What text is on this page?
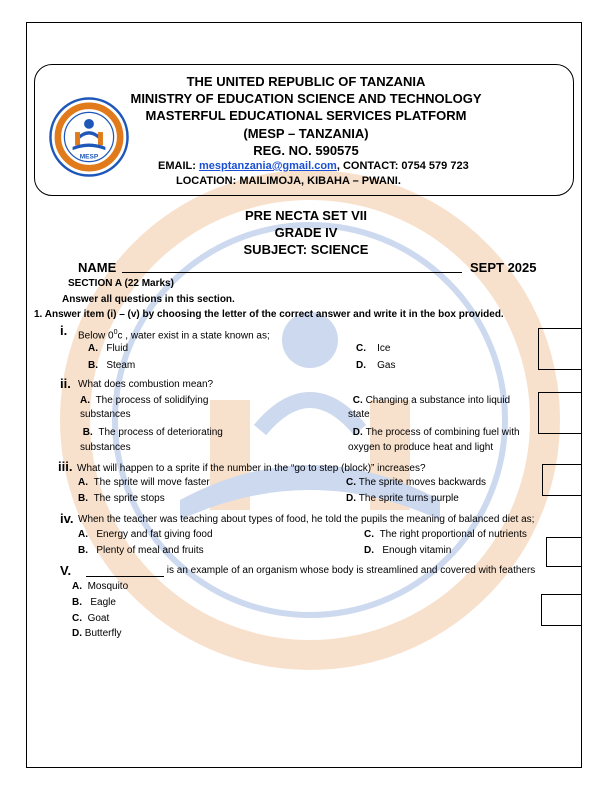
MESP
THE UNITED REPUBLIC OF TANZANIA
MINISTRY OF EDUCATION SCIENCE AND TECHNOLOGY
MASTERFUL EDUCATIONAL SERVICES PLATFORM
(MESP – TANZANIA)
REG. NO. 590575
EMAIL: mesptanzania@gmail.com, CONTACT: 0754 579 723
LOCATION: MAILIMOJA, KIBAHA – PWANI.
PRE NECTA SET VII
GRADE IV
SUBJECT: SCIENCE
NAME	SEPT 2025
SECTION A (22 Marks)
Answer all questions in this section.
1. Answer item (i) – (v) by choosing the letter of the correct answer and write it in the box provided.
i. Below $0^0c$ , water exist in a state known as;
A. Fluid
B. Steam
C. Ice
D. Gas
ii. What does combustion mean?
A. The process of solidifying
substances
B. The process of deteriorating
substances
C. Changing a substance into liquid
state
D. The process of combining fuel with
oxygen to produce heat and light
iii. What will happen to a sprite if the number in the “go to step (block)” increases?
A. The sprite will move faster
B. The sprite stops
C. The sprite moves backwards
D. The sprite turns purple
iv. When the teacher was teaching about types of food, he told the pupils the meaning of balanced diet as;
A. Energy and fat giving food
B. Plenty of meal and fruits
C. The right proportional of nutrients
D. Enough vitamin
V.	is an example of an organism whose body is streamlined and covered with feathers
A. Mosquito
B. Eagle
C. Goat
D. Butterfly
